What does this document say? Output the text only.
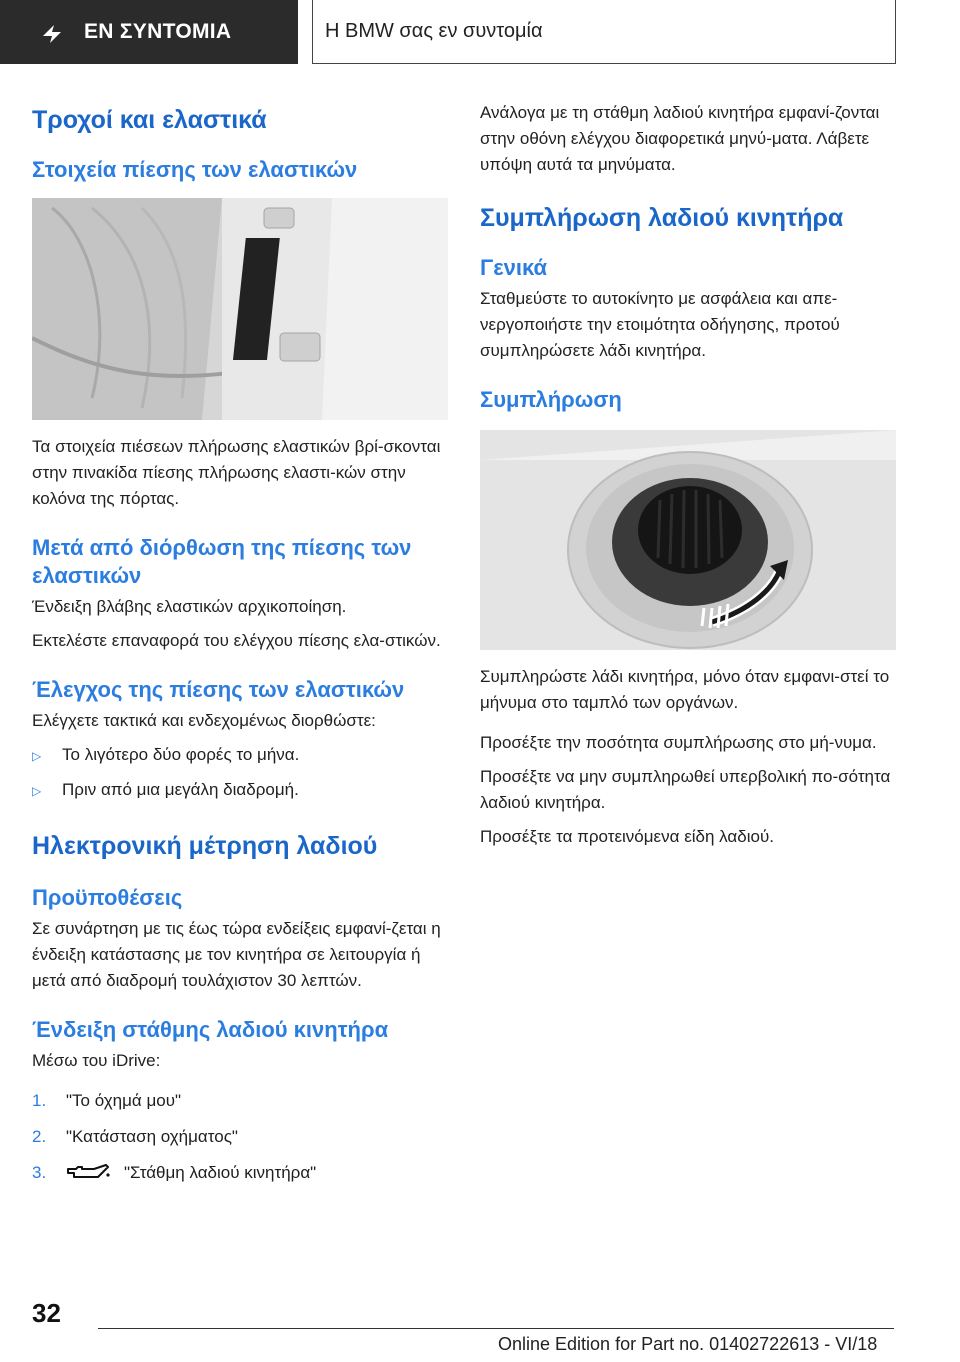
ΕΝ ΣΥΝΤΟΜΙΑ	Η BMW σας εν συντομία
Τροχοί και ελαστικά
Στοιχεία πίεσης των ελαστικών

Τα στοιχεία πιέσεων πλήρωσης ελαστικών βρί-σκονται στην πινακίδα πίεσης πλήρωσης ελαστι-κών στην κολόνα της πόρτας.

Μετά από διόρθωση της πίεσης των ελαστικών

Ένδειξη βλάβης ελαστικών αρχικοποίηση.

Εκτελέστε επαναφορά του ελέγχου πίεσης ελα-στικών.

Έλεγχος της πίεσης των ελαστικών

Ελέγχετε τακτικά και ενδεχομένως διορθώστε:

▷	Το λιγότερο δύο φορές το μήνα.
▷	Πριν από μια μεγάλη διαδρομή.
Ηλεκτρονική μέτρηση λαδιού
Προϋποθέσεις

Σε συνάρτηση με τις έως τώρα ενδείξεις εμφανί-ζεται η ένδειξη κατάστασης με τον κινητήρα σε λειτουργία ή μετά από διαδρομή τουλάχιστον 30 λεπτών.

Ένδειξη στάθμης λαδιού κινητήρα

Μέσω του iDrive:

1.	"Το όχημά μου"
2.	"Κατάσταση οχήματος"
3.	"Στάθμη λαδιού κινητήρα"

Ανάλογα με τη στάθμη λαδιού κινητήρα εμφανί-ζονται στην οθόνη ελέγχου διαφορετικά μηνύ-ματα. Λάβετε υπόψη αυτά τα μηνύματα.

Συμπλήρωση λαδιού κινητήρα
Γενικά

Σταθμεύστε το αυτοκίνητο με ασφάλεια και απε-νεργοποιήστε την ετοιμότητα οδήγησης, προτού συμπληρώσετε λάδι κινητήρα.

Συμπλήρωση

Συμπληρώστε λάδι κινητήρα, μόνο όταν εμφανι-στεί το μήνυμα στο ταμπλό των οργάνων.

Προσέξτε την ποσότητα συμπλήρωσης στο μή-νυμα.

Προσέξτε να μην συμπληρωθεί υπερβολική πο-σότητα λαδιού κινητήρα.

Προσέξτε τα προτεινόμενα είδη λαδιού.

32
Online Edition for Part no. 01402722613 - VI/18
